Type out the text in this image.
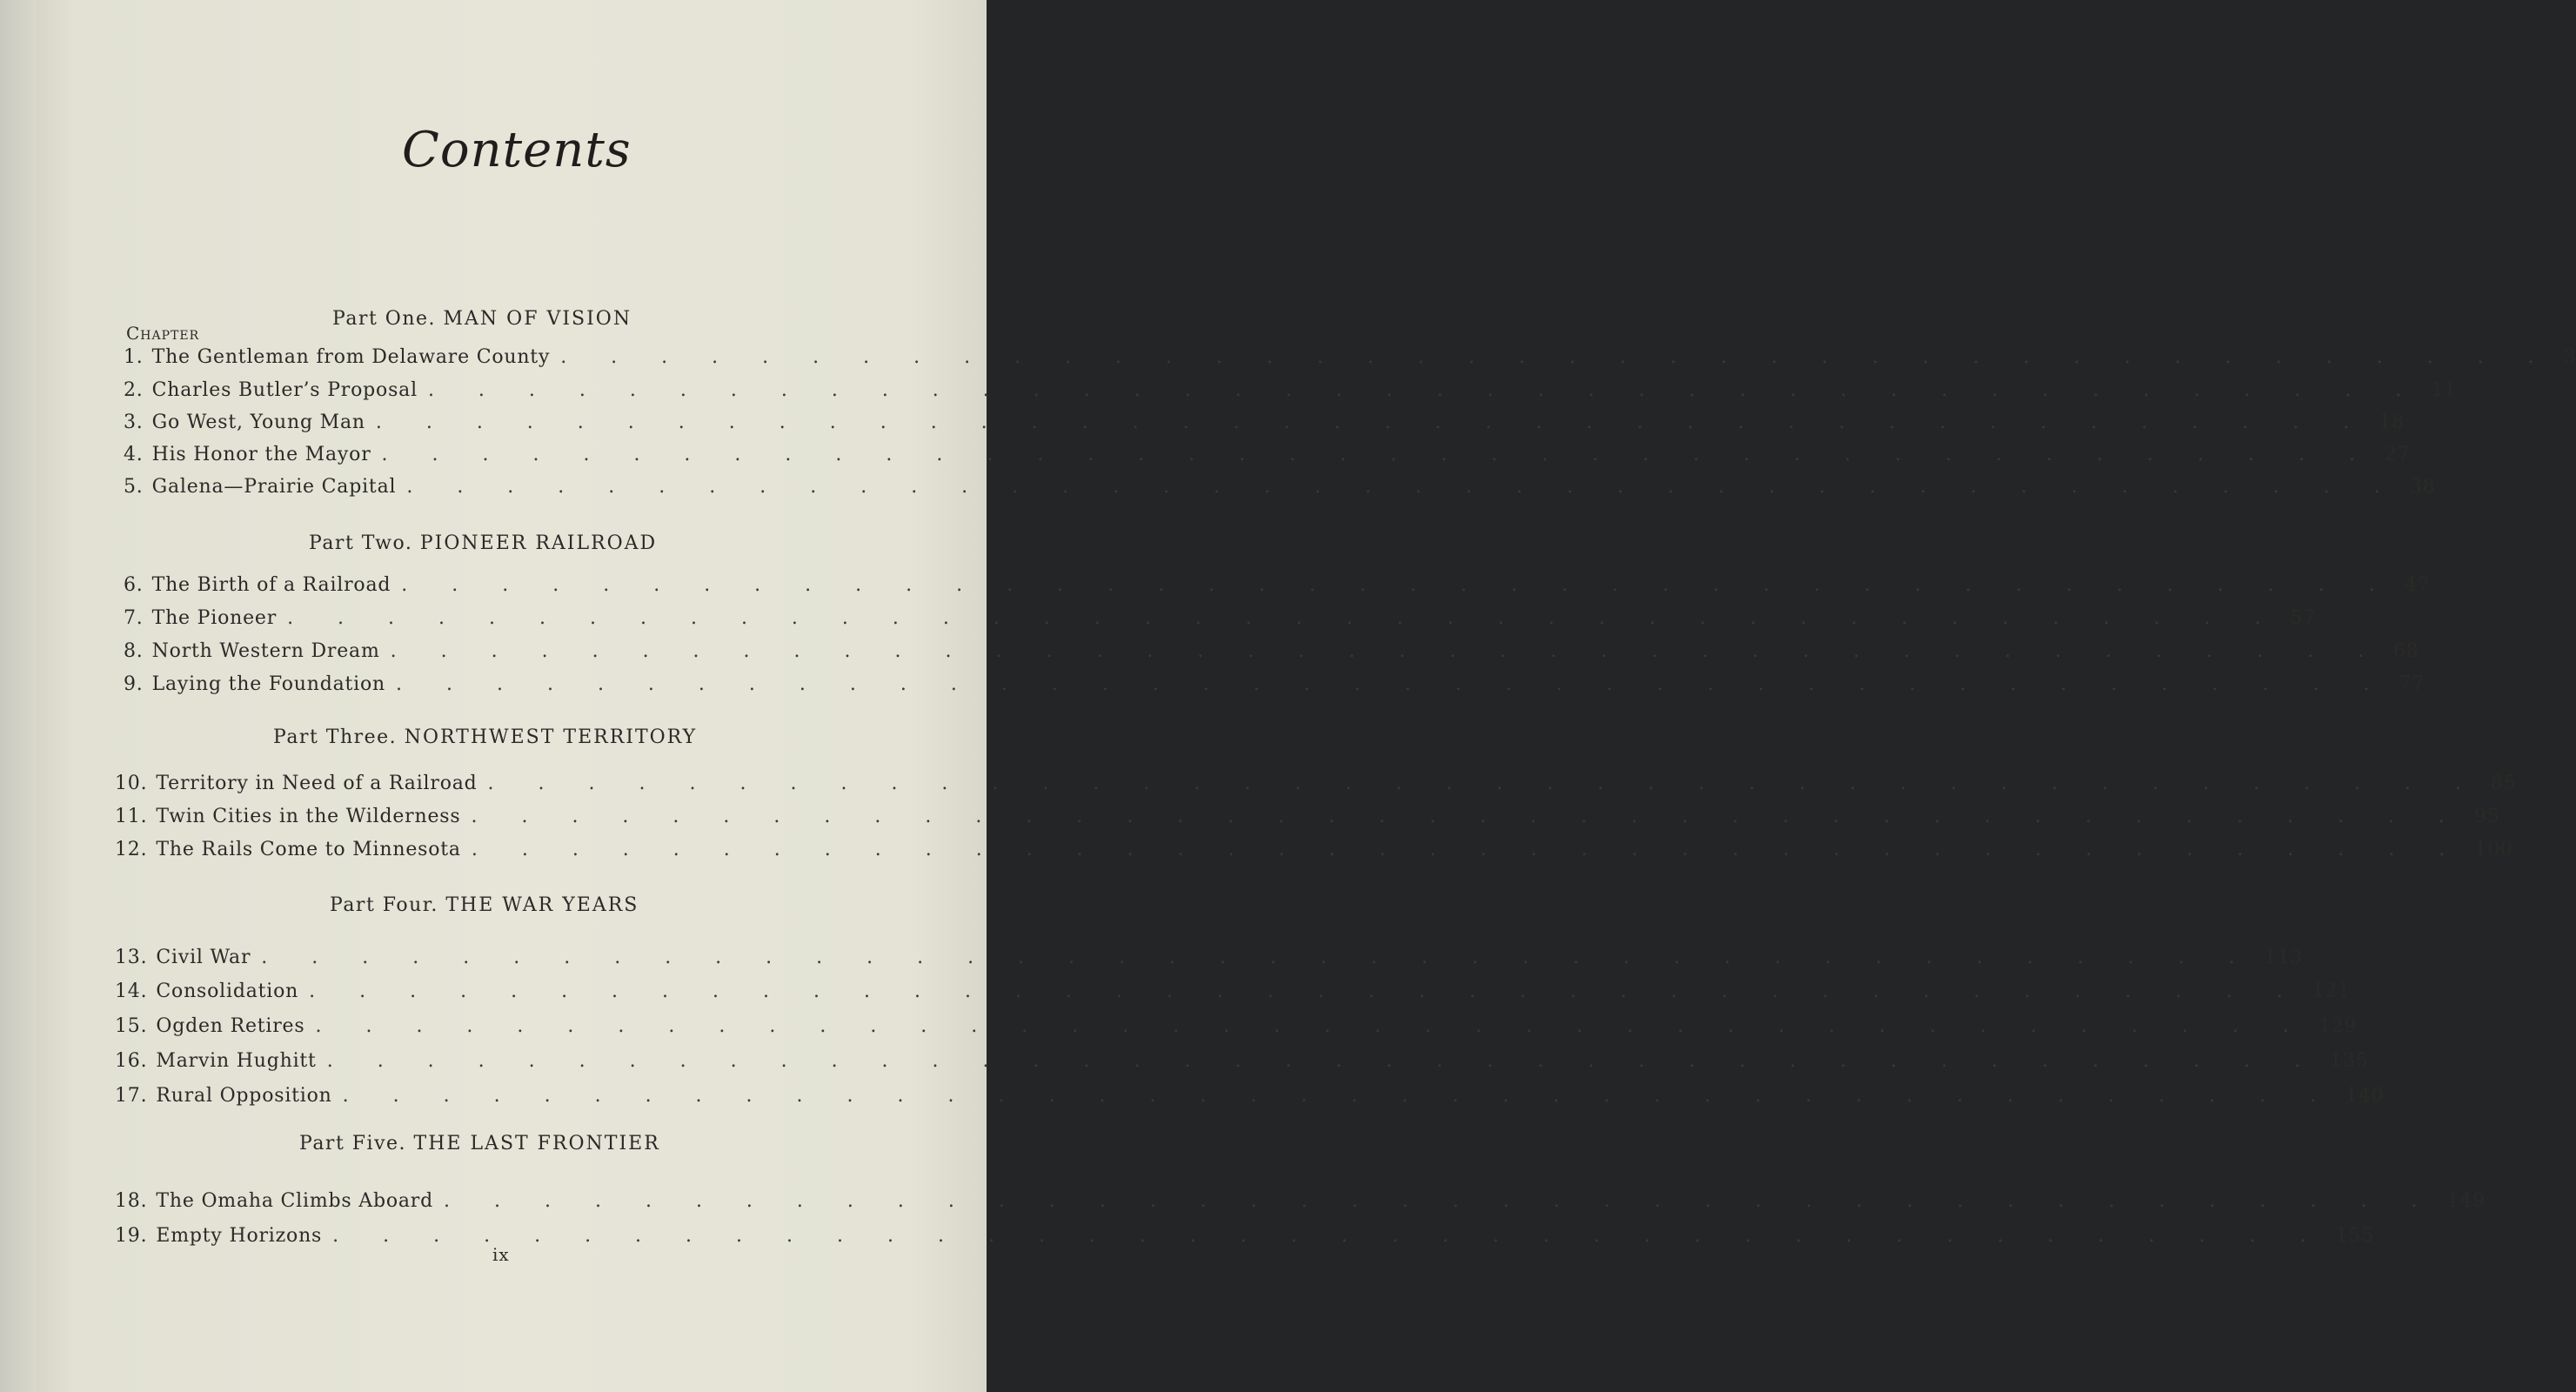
Contents
Chapter
Part One. MAN OF VISION
1. The Gentleman from Delaware County . . . . . . . . . . . . . . . . . . . . . . . . . . . . . . . . . . . . . . . . 3
2. Charles Butler’s Proposal . . . . . . . . . . . . . . . . . . . . . . . . . . . . . . . . . . . . . . . . 11
3. Go West, Young Man . . . . . . . . . . . . . . . . . . . . . . . . . . . . . . . . . . . . . . . . 18
4. His Honor the Mayor . . . . . . . . . . . . . . . . . . . . . . . . . . . . . . . . . . . . . . . . 27
5. Galena—Prairie Capital . . . . . . . . . . . . . . . . . . . . . . . . . . . . . . . . . . . . . . . . 38
Part Two. PIONEER RAILROAD
6. The Birth of a Railroad . . . . . . . . . . . . . . . . . . . . . . . . . . . . . . . . . . . . . . . . 47
7. The Pioneer . . . . . . . . . . . . . . . . . . . . . . . . . . . . . . . . . . . . . . . . 57
8. North Western Dream . . . . . . . . . . . . . . . . . . . . . . . . . . . . . . . . . . . . . . . . 68
9. Laying the Foundation . . . . . . . . . . . . . . . . . . . . . . . . . . . . . . . . . . . . . . . . 77
Part Three. NORTHWEST TERRITORY
10. Territory in Need of a Railroad . . . . . . . . . . . . . . . . . . . . . . . . . . . . . . . . . . . . . . . . 85
11. Twin Cities in the Wilderness . . . . . . . . . . . . . . . . . . . . . . . . . . . . . . . . . . . . . . . . 95
12. The Rails Come to Minnesota . . . . . . . . . . . . . . . . . . . . . . . . . . . . . . . . . . . . . . . . 100
Part Four. THE WAR YEARS
13. Civil War . . . . . . . . . . . . . . . . . . . . . . . . . . . . . . . . . . . . . . . . 113
14. Consolidation . . . . . . . . . . . . . . . . . . . . . . . . . . . . . . . . . . . . . . . . 121
15. Ogden Retires . . . . . . . . . . . . . . . . . . . . . . . . . . . . . . . . . . . . . . . . 129
16. Marvin Hughitt . . . . . . . . . . . . . . . . . . . . . . . . . . . . . . . . . . . . . . . . 135
17. Rural Opposition . . . . . . . . . . . . . . . . . . . . . . . . . . . . . . . . . . . . . . . . 140
Part Five. THE LAST FRONTIER
18. The Omaha Climbs Aboard . . . . . . . . . . . . . . . . . . . . . . . . . . . . . . . . . . . . . . . . 149
19. Empty Horizons . . . . . . . . . . . . . . . . . . . . . . . . . . . . . . . . . . . . . . . . 155
ix
